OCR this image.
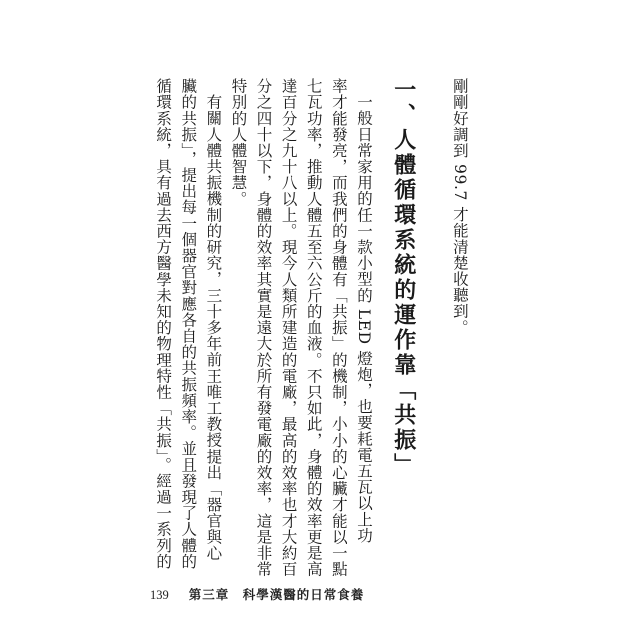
剛剛好調到 99.7 才能清楚收聽到。

一、人體循環系統的運作靠「共振」

一般日常家用的任一款小型的 LED 燈炮，也要耗電五瓦以上功

率才能發亮，而我們的身體有「共振」的機制，小小的心臟才能以一點

七瓦功率，推動人體五至六公斤的血液。不只如此，身體的效率更是高

達百分之九十八以上。現今人類所建造的電廠，最高的效率也才大約百

分之四十以下，身體的效率其實是遠大於所有發電廠的效率，這是非常

特別的人體智慧。

有關人體共振機制的研究，三十多年前王唯工教授提出「器官與心

臟的共振」，提出每一個器官對應各自的共振頻率。並且發現了人體的

循環系統，具有過去西方醫學未知的物理特性「共振」。經過一系列的

139 第三章　科學漢醫的日常食養
